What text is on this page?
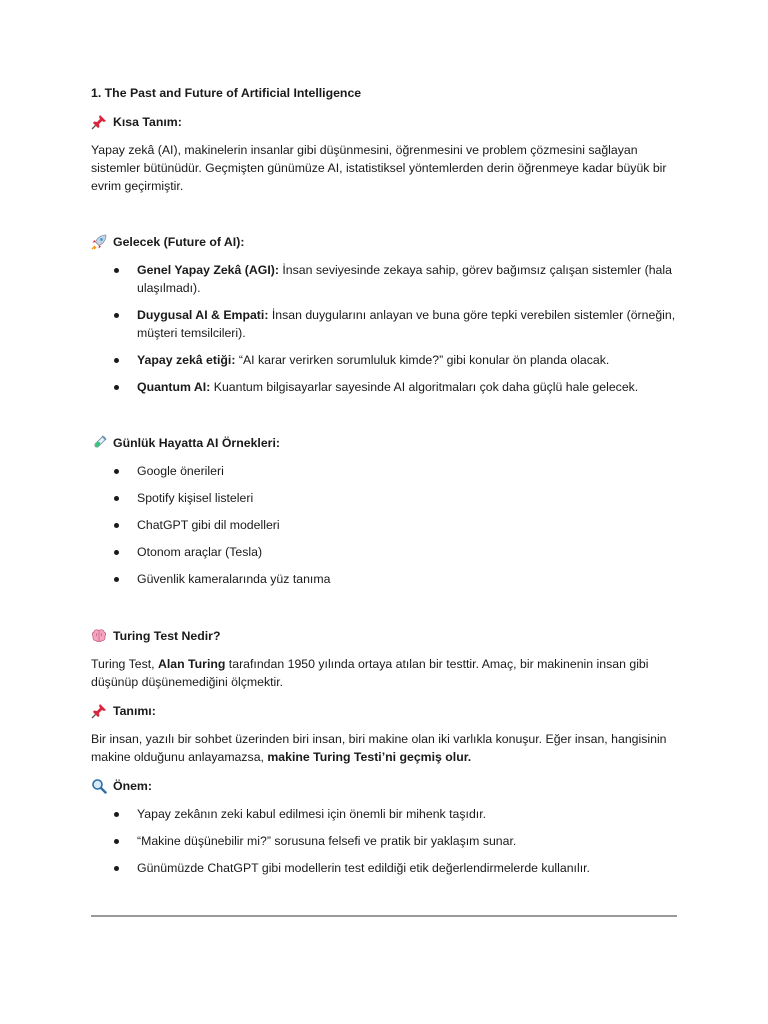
1. The Past and Future of Artificial Intelligence

Kısa Tanım:

Yapay zekâ (AI), makinelerin insanlar gibi düşünmesini, öğrenmesini ve problem çözmesini sağlayan sistemler bütünüdür. Geçmişten günümüze AI, istatistiksel yöntemlerden derin öğrenmeye kadar büyük bir evrim geçirmiştir.

Gelecek (Future of AI):
Genel Yapay Zekâ (AGI): İnsan seviyesinde zekaya sahip, görev bağımsız çalışan sistemler (hala ulaşılmadı).
Duygusal AI & Empati: İnsan duygularını anlayan ve buna göre tepki verebilen sistemler (örneğin, müşteri temsilcileri).
Yapay zekâ etiği: “AI karar verirken sorumluluk kimde?” gibi konular ön planda olacak.
Quantum AI: Kuantum bilgisayarlar sayesinde AI algoritmaları çok daha güçlü hale gelecek.
Günlük Hayatta AI Örnekleri:
Google önerileri
Spotify kişisel listeleri
ChatGPT gibi dil modelleri
Otonom araçlar (Tesla)
Güvenlik kameralarında yüz tanıma
Turing Test Nedir?

Turing Test, Alan Turing tarafından 1950 yılında ortaya atılan bir testtir. Amaç, bir makinenin insan gibi düşünüp düşünemediğini ölçmektir.

Tanımı:

Bir insan, yazılı bir sohbet üzerinden biri insan, biri makine olan iki varlıkla konuşur. Eğer insan, hangisinin makine olduğunu anlayamazsa, makine Turing Testi’ni geçmiş olur.

Önem:
Yapay zekânın zeki kabul edilmesi için önemli bir mihenk taşıdır.
“Makine düşünebilir mi?” sorusuna felsefi ve pratik bir yaklaşım sunar.
Günümüzde ChatGPT gibi modellerin test edildiği etik değerlendirmelerde kullanılır.
